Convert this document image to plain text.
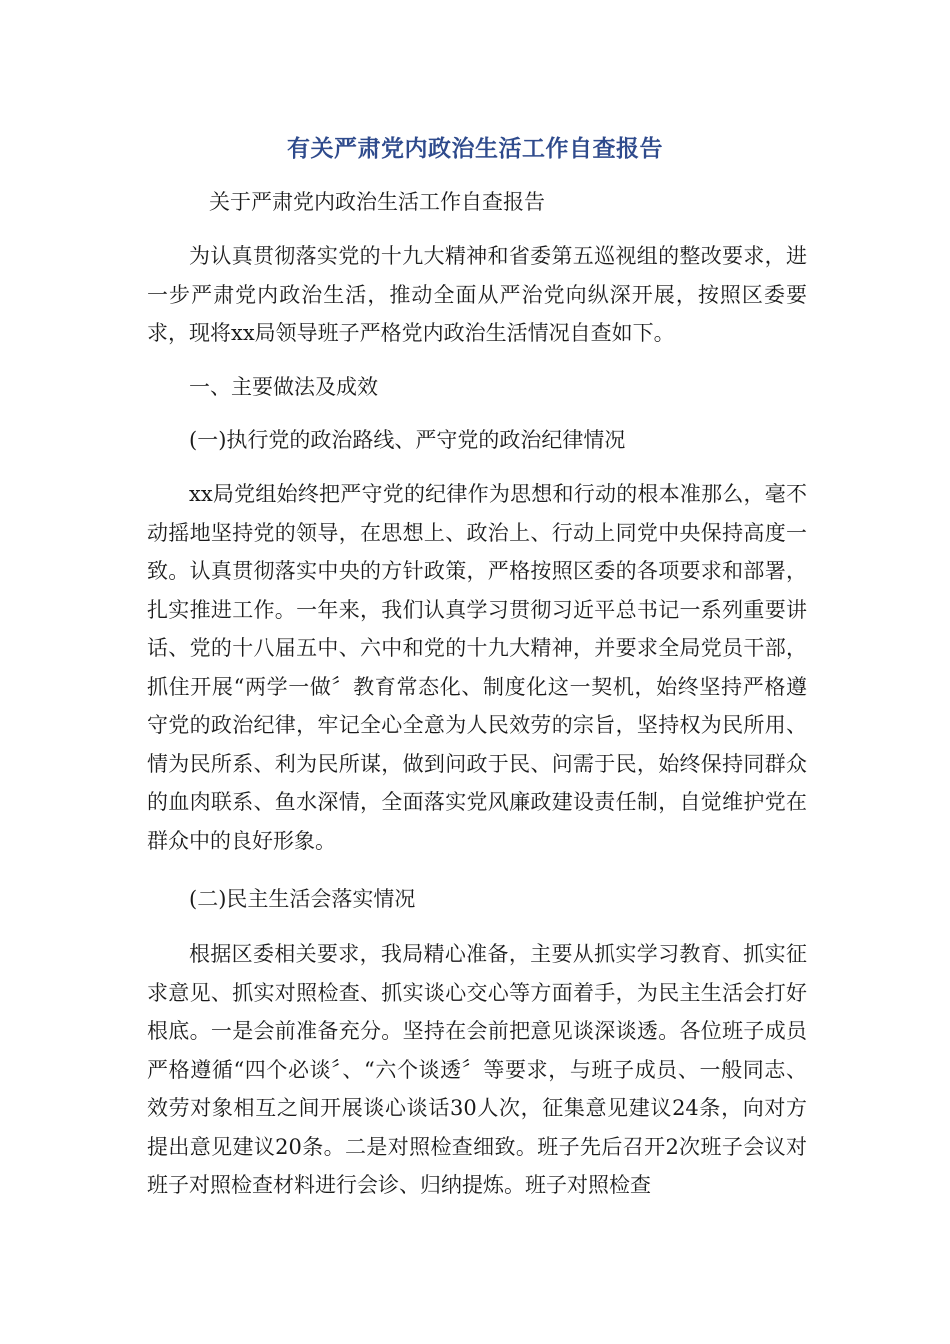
有关严肃党内政治生活工作自查报告
关于严肃党内政治生活工作自查报告

为认真贯彻落实党的十九大精神和省委第五巡视组的整改要求，进一步严肃党内政治生活，推动全面从严治党向纵深开展，按照区委要求，现将xx局领导班子严格党内政治生活情况自查如下。

一、主要做法及成效

(一)执行党的政治路线、严守党的政治纪律情况

xx局党组始终把严守党的纪律作为思想和行动的根本准那么，毫不动摇地坚持党的领导，在思想上、政治上、行动上同党中央保持高度一致。认真贯彻落实中央的方针政策，严格按照区委的各项要求和部署，扎实推进工作。一年来，我们认真学习贯彻习近平总书记一系列重要讲话、党的十八届五中、六中和党的十九大精神，并要求全局党员干部，抓住开展“两学一做〞教育常态化、制度化这一契机，始终坚持严格遵守党的政治纪律，牢记全心全意为人民效劳的宗旨，坚持权为民所用、情为民所系、利为民所谋，做到问政于民、问需于民，始终保持同群众的血肉联系、鱼水深情，全面落实党风廉政建设责任制，自觉维护党在群众中的良好形象。

(二)民主生活会落实情况

根据区委相关要求，我局精心准备，主要从抓实学习教育、抓实征求意见、抓实对照检查、抓实谈心交心等方面着手，为民主生活会打好根底。一是会前准备充分。坚持在会前把意见谈深谈透。各位班子成员严格遵循“四个必谈〞、“六个谈透〞等要求，与班子成员、一般同志、效劳对象相互之间开展谈心谈话30人次，征集意见建议24条，向对方提出意见建议20条。二是对照检查细致。班子先后召开2次班子会议对班子对照检查材料进行会诊、归纳提炼。班子对照检查
